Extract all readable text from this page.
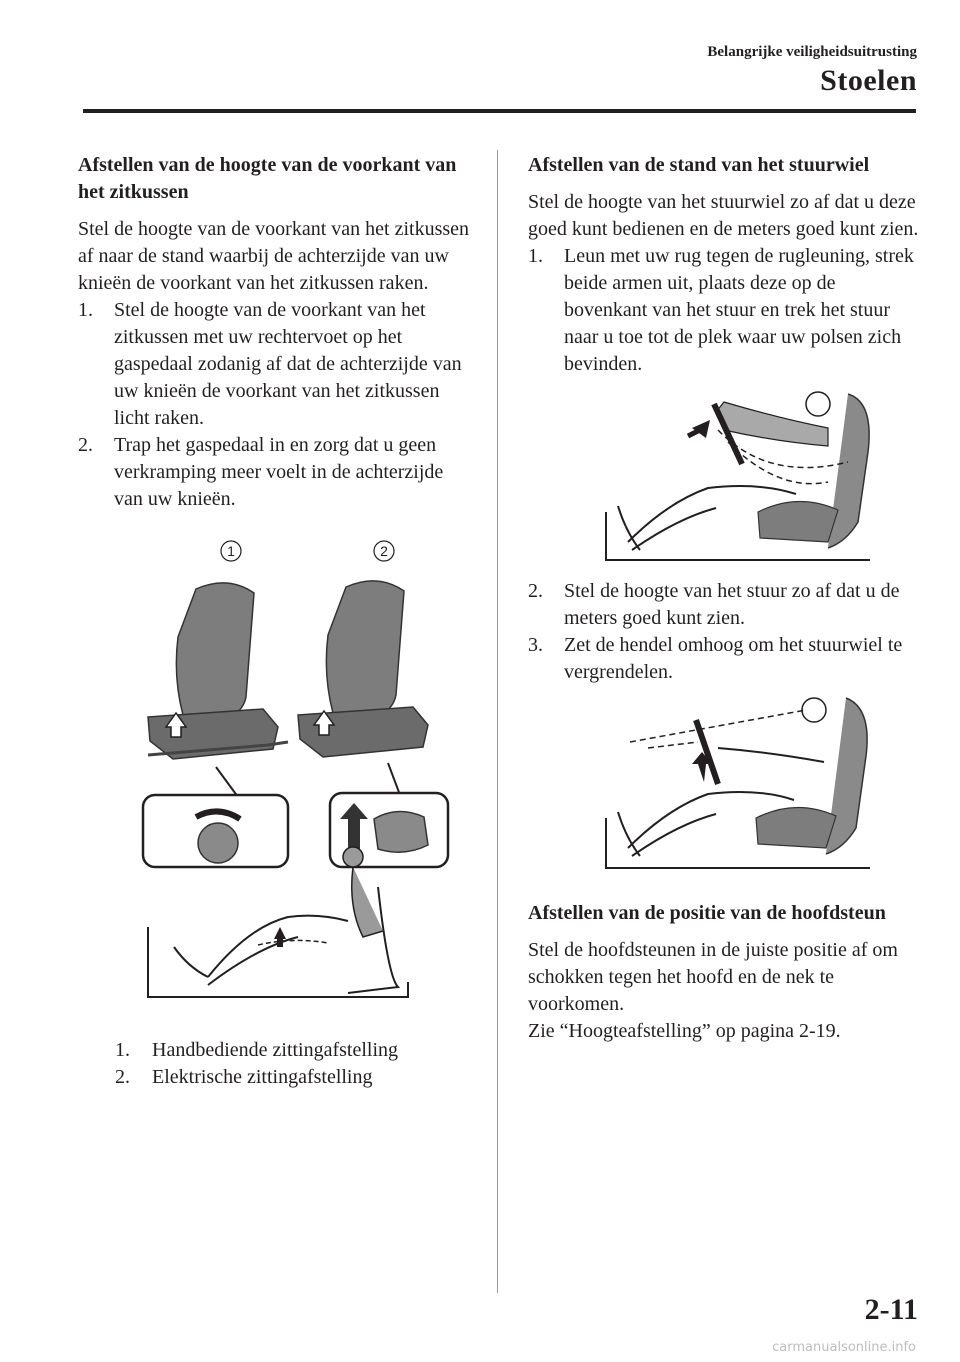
Belangrijke veiligheidsuitrusting
Stoelen
Afstellen van de hoogte van de voorkant van het zitkussen

Stel de hoogte van de voorkant van het zitkussen af naar de stand waarbij de achterzijde van uw knieën de voorkant van het zitkussen raken.

1. Stel de hoogte van de voorkant van het zitkussen met uw rechtervoet op het gaspedaal zodanig af dat de achterzijde van uw knieën de voorkant van het zitkussen licht raken.
2. Trap het gaspedaal in en zorg dat u geen verkramping meer voelt in de achterzijde van uw knieën.
1	2
1. Handbediende zittingafstelling
2. Elektrische zittingafstelling
Afstellen van de stand van het stuurwiel

Stel de hoogte van het stuurwiel zo af dat u deze goed kunt bedienen en de meters goed kunt zien.

1. Leun met uw rug tegen de rugleuning, strek beide armen uit, plaats deze op de bovenkant van het stuur en trek het stuur naar u toe tot de plek waar uw polsen zich bevinden.
2. Stel de hoogte van het stuur zo af dat u de meters goed kunt zien.
3. Zet de hendel omhoog om het stuurwiel te vergrendelen.
Afstellen van de positie van de hoofdsteun

Stel de hoofdsteunen in de juiste positie af om schokken tegen het hoofd en de nek te voorkomen.

Zie “Hoogteafstelling” op pagina 2-19.

2-11
carmanualsonline.info
